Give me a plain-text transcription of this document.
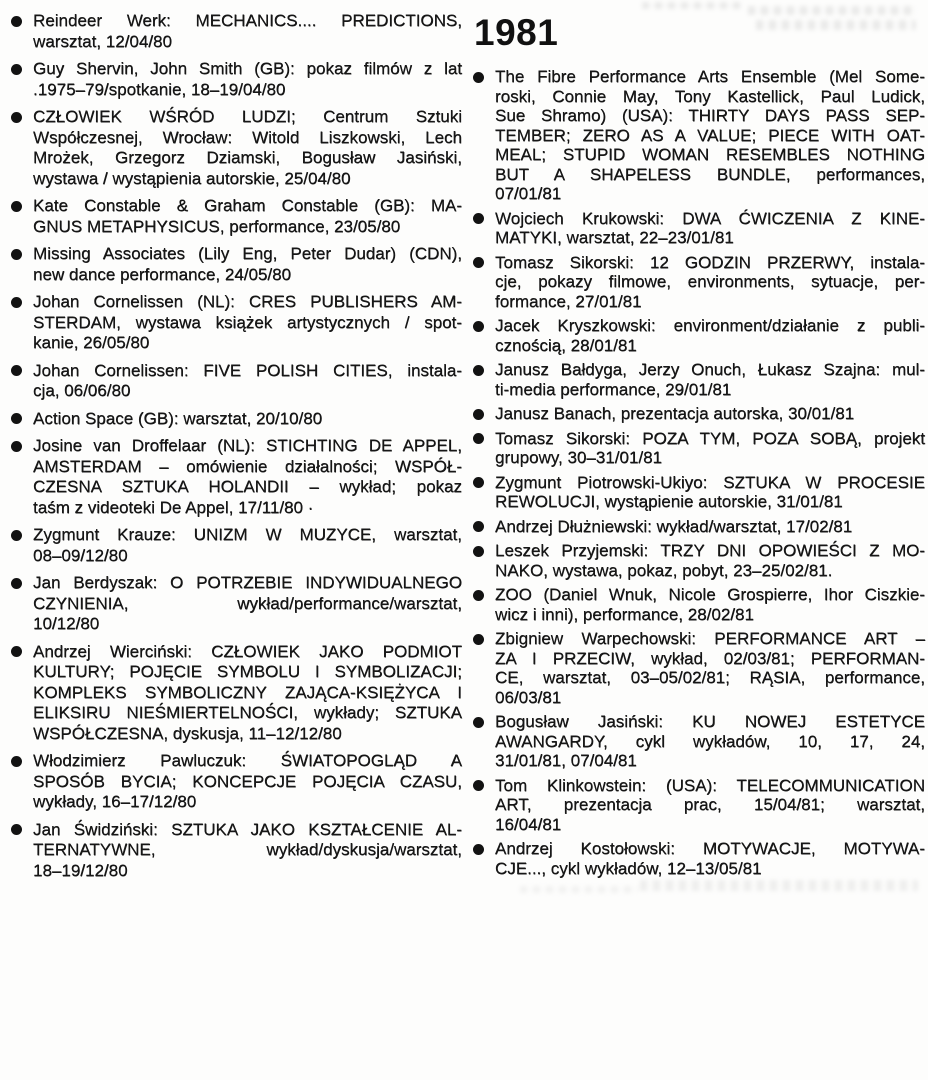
Reindeer Werk: MECHANICS.... PREDICTIONS,
warsztat, 12/04/80
Guy Shervin, John Smith (GB): pokaz filmów z lat
.1975–79/spotkanie, 18–19/04/80
CZŁOWIEK WŚRÓD LUDZI; Centrum Sztuki
Współczesnej, Wrocław: Witold Liszkowski, Lech
Mrożek, Grzegorz Dziamski, Bogusław Jasiński,
wystawa / wystąpienia autorskie, 25/04/80
Kate Constable & Graham Constable (GB): MA-
GNUS METAPHYSICUS, performance, 23/05/80
Missing Associates (Lily Eng, Peter Dudar) (CDN),
new dance performance, 24/05/80
Johan Cornelissen (NL): CRES PUBLISHERS AM-
STERDAM, wystawa książek artystycznych / spot-
kanie, 26/05/80
Johan Cornelissen: FIVE POLISH CITIES, instala-
cja, 06/06/80
Action Space (GB): warsztat, 20/10/80
Josine van Droffelaar (NL): STICHTING DE APPEL,
AMSTERDAM – omówienie działalności; WSPÓŁ-
CZESNA SZTUKA HOLANDII – wykład; pokaz
taśm z videoteki De Appel, 17/11/80 ·
Zygmunt Krauze: UNIZM W MUZYCE, warsztat,
08–09/12/80
Jan Berdyszak: O POTRZEBIE INDYWIDUALNEGO
CZYNIENIA, wykład/performance/warsztat,
10/12/80
Andrzej Wierciński: CZŁOWIEK JAKO PODMIOT
KULTURY; POJĘCIE SYMBOLU I SYMBOLIZACJI;
KOMPLEKS SYMBOLICZNY ZAJĄCA-KSIĘŻYCA I
ELIKSIRU NIEŚMIERTELNOŚCI, wykłady; SZTUKA
WSPÓŁCZESNA, dyskusja, 11–12/12/80
Włodzimierz Pawluczuk: ŚWIATOPOGLĄD A
SPOSÓB BYCIA; KONCEPCJE POJĘCIA CZASU,
wykłady, 16–17/12/80
Jan Świdziński: SZTUKA JAKO KSZTAŁCENIE AL-
TERNATYWNE, wykład/dyskusja/warsztat,
18–19/12/80
1981
The Fibre Performance Arts Ensemble (Mel Some-
roski, Connie May, Tony Kastellick, Paul Ludick,
Sue Shramo) (USA): THIRTY DAYS PASS SEP-
TEMBER; ZERO AS A VALUE; PIECE WITH OAT-
MEAL; STUPID WOMAN RESEMBLES NOTHING
BUT A SHAPELESS BUNDLE, performances,
07/01/81
Wojciech Krukowski: DWA ĆWICZENIA Z KINE-
MATYKI, warsztat, 22–23/01/81
Tomasz Sikorski: 12 GODZIN PRZERWY, instala-
cje, pokazy filmowe, environments, sytuacje, per-
formance, 27/01/81
Jacek Kryszkowski: environment/działanie z publi-
cznością, 28/01/81
Janusz Bałdyga, Jerzy Onuch, Łukasz Szajna: mul-
ti-media performance, 29/01/81
Janusz Banach, prezentacja autorska, 30/01/81
Tomasz Sikorski: POZA TYM, POZA SOBĄ, projekt
grupowy, 30–31/01/81
Zygmunt Piotrowski-Ukiyo: SZTUKA W PROCESIE
REWOLUCJI, wystąpienie autorskie, 31/01/81
Andrzej Dłużniewski: wykład/warsztat, 17/02/81
Leszek Przyjemski: TRZY DNI OPOWIEŚCI Z MO-
NAKO, wystawa, pokaz, pobyt, 23–25/02/81.
ZOO (Daniel Wnuk, Nicole Grospierre, Ihor Ciszkie-
wicz i inni), performance, 28/02/81
Zbigniew Warpechowski: PERFORMANCE ART –
ZA I PRZECIW, wykład, 02/03/81; PERFORMAN-
CE, warsztat, 03–05/02/81; RĄSIA, performance,
06/03/81
Bogusław Jasiński: KU NOWEJ ESTETYCE
AWANGARDY, cykl wykładów, 10, 17, 24,
31/01/81, 07/04/81
Tom Klinkowstein: (USA): TELECOMMUNICATION
ART, prezentacja prac, 15/04/81; warsztat,
16/04/81
Andrzej Kostołowski: MOTYWACJE, MOTYWA-
CJE..., cykl wykładów, 12–13/05/81
